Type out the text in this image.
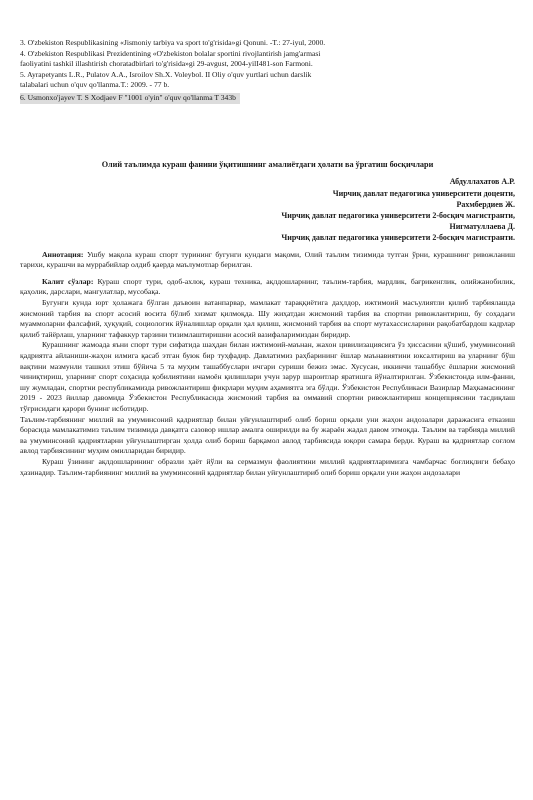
3. O'zbekiston Respublikasining «Jismoniy tarbiya va sport to'g'risida»gi Qonuni. -T.: 27-iyul, 2000.

4. O'zbekiston Respublikasi Prezidentining «O'zbekiston bolalar sportini rivojlantirish jamg'armasi

faoliyatini tashkil illashtirish choratadbirlari to'g'risida»gi 29-avgust, 2004-yilI481-son Farmoni.

5. Ayrapetyants L.R., Pulatov A.A., Isroilov Sh.X. Voleybol. II Oliy o'quv yurtlari uchun darslik

talabalari uchun o'quv qo'llanma.T.: 2009. - 77 b.

6. Usmonxo'jayev T. S Xodjaev F "1001 o'yin" o'quv qo'llanma T 343b

Олий таълимда кураш фанини ўқитишнинг амалиётдаги ҳолати ва ўргатиш босқичлари
Абдуллахатов А.Р.
Чирчиқ давлат педагогика университети доценти,
Рахмбердиев Ж.
Чирчиқ давлат педагогика университети 2-босқич магистранти,
Нигматуллаева Д.
Чирчиқ давлат педагогика университети 2-босқич магистранти.

Аннотация: Ушбу мақола кураш спорт турининг бугунги кундаги мақоми, Олий таълим тизимида тутган ўрни, курашнинг ривожланиш тарихи, курашчи ва муррабийлар олдиб қаерда маълумотлар берилган.

Калит сўзлар: Кураш спорт тури, одоб-ахлоқ, кураш техника, ақлдошларнинг, таълим-тарбия, мардлик, бағрикенглик, олийжанобилик, қаҳолик, дарслари, мангулатлар, мусобақа.

Бугунги кунда юрт ҳолажага бўлган даъвоин ватанпарвар, мамлакат тараққиётига даҳлдор, ижтимоий масъулиятли қилиб тарбиялашда жисмоний тарбия ва спорт асосий восита бўлиб хизмат қилмоқда. Шу жиҳатдан жисмоний тарбия ва спортни ривожлантириш, бу соҳадаги муаммоларни фалсафий, ҳуқуқий, социологик йўналишлар орқали ҳал қилиш, жисмоний тарбия ва спорт мутахассисларини рақобатбардош кадрлар қилиб тайёрлаш, уларнинг тафаккур тарзини тизимлаштиришни асосий вазифаларимиздан биридир.

Курашнинг жамоада яъни спорт тури сифатида шаҳдан билан ижтимоий-маънан, жахон цивилизациясига ўз ҳиссасини қўшиб, умуминсоний қадриятга айланиши-жаҳон илмига қасаб этган буюк бир туҳфадир. Давлатимиз раҳбарининг ёшлар маънавиятини юксалтириш ва уларнинг бўш вақтини мазмунли ташкил этиш бўйича 5 та муҳим ташаббуслари ичгари суриши бежиз эмас. Хусусан, иккинчи ташаббус ёшларни жисмоний чиниқтириш, уларнинг спорт соҳасида қобилиятини намоён қилишлари учун зарур шароитлар яратишга йўналтирилган. Ўзбекистонда илм-фанни, шу жумладан, спортни республикамизда ривожлантириш фикрлари муҳим аҳамиятга эга бўлди. Ўзбекистон Республикаси Вазирлар Маҳкамасининг 2019 - 2023 йиллар давомида Ўзбекистон Республикасида жисмоний тарбия ва оммавий спортни ривожлантириш концепциясини тасдиқлаш тўғрисидаги қарори бунинг исботидир.

Таълим-тарбиянинг миллий ва умуминсоний қадриятлар билан уйғунлаштириб олиб бориш орқали уни жаҳон андозалари даражасига етказиш борасида мамлакатимиз таълим тизимида давқатга сазовор ишлар амалга оширилди ва бу жараён жадал давом этмоқда. Таълим ва тарбияда миллий ва умуминсоний қадриятларни уйғунлаштирган ҳолда олиб бориш барқамол авлод тарбиясида юқори самара берди. Кураш ва қадриятлар соғлом авлод тарбиясининг муҳим омилларидан биридир.

Кураш ўзининг ақлдошларининг образли ҳаёт йўли ва сермазмун фаолиятини миллий қадриятларимизга чамбарчас боғлиқлиги бебаҳо ҳазинадир. Таълим-тарбиянинг миллий ва умуминсоний қадриятлар билан уйғунлаштириб олиб бориш орқали уни жаҳон андозалари
